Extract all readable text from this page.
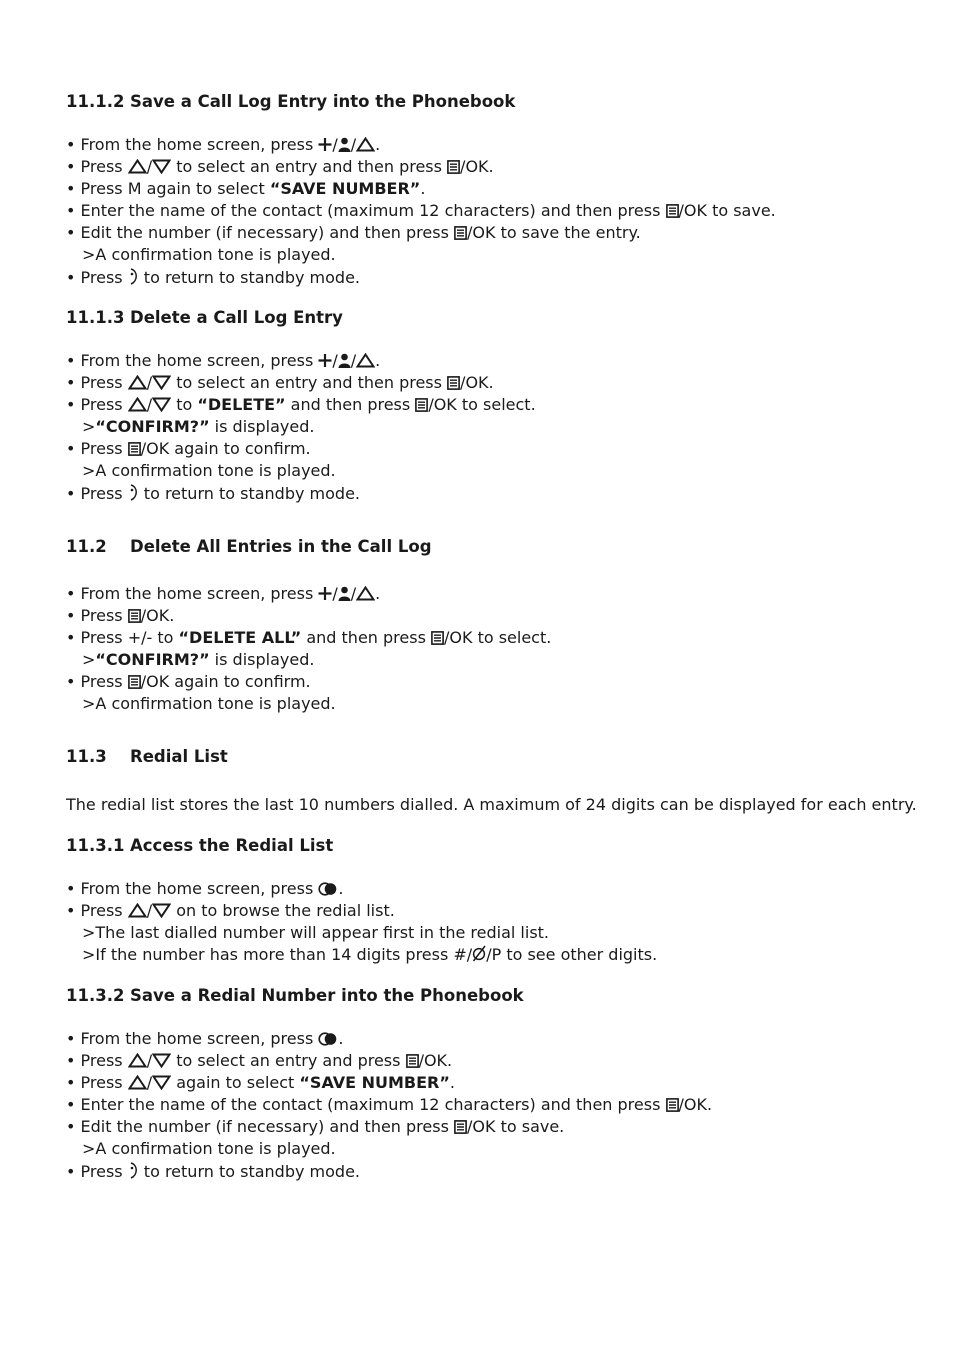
11.1.2 Save a Call Log Entry into the Phonebook
• From the home screen, press / / .
• Press / to select an entry and then press /OK.
• Press M again to select “SAVE NUMBER”.
• Enter the name of the contact (maximum 12 characters) and then press /OK to save.
• Edit the number (if necessary) and then press /OK to save the entry.
>A confirmation tone is played.
• Press  to return to standby mode.
11.1.3 Delete a Call Log Entry
• From the home screen, press / / .
• Press / to select an entry and then press /OK.
• Press / to “DELETE” and then press /OK to select.
>“CONFIRM?” is displayed.
• Press /OK again to confirm.
>A confirmation tone is played.
• Press  to return to standby mode.
11.2 Delete All Entries in the Call Log
• From the home screen, press / / .
• Press /OK.
• Press +/- to “DELETE ALL” and then press /OK to select.
>“CONFIRM?” is displayed.
• Press /OK again to confirm.
>A confirmation tone is played.
11.3 Redial List
The redial list stores the last 10 numbers dialled. A maximum of 24 digits can be displayed for each entry.
11.3.1 Access the Redial List
• From the home screen, press .
• Press / on to browse the redial list.
>The last dialled number will appear first in the redial list.
>If the number has more than 14 digits press #/ /P to see other digits.
11.3.2 Save a Redial Number into the Phonebook
• From the home screen, press .
• Press / to select an entry and press /OK.
• Press / again to select “SAVE NUMBER”.
• Enter the name of the contact (maximum 12 characters) and then press /OK.
• Edit the number (if necessary) and then press /OK to save.
>A confirmation tone is played.
• Press  to return to standby mode.
